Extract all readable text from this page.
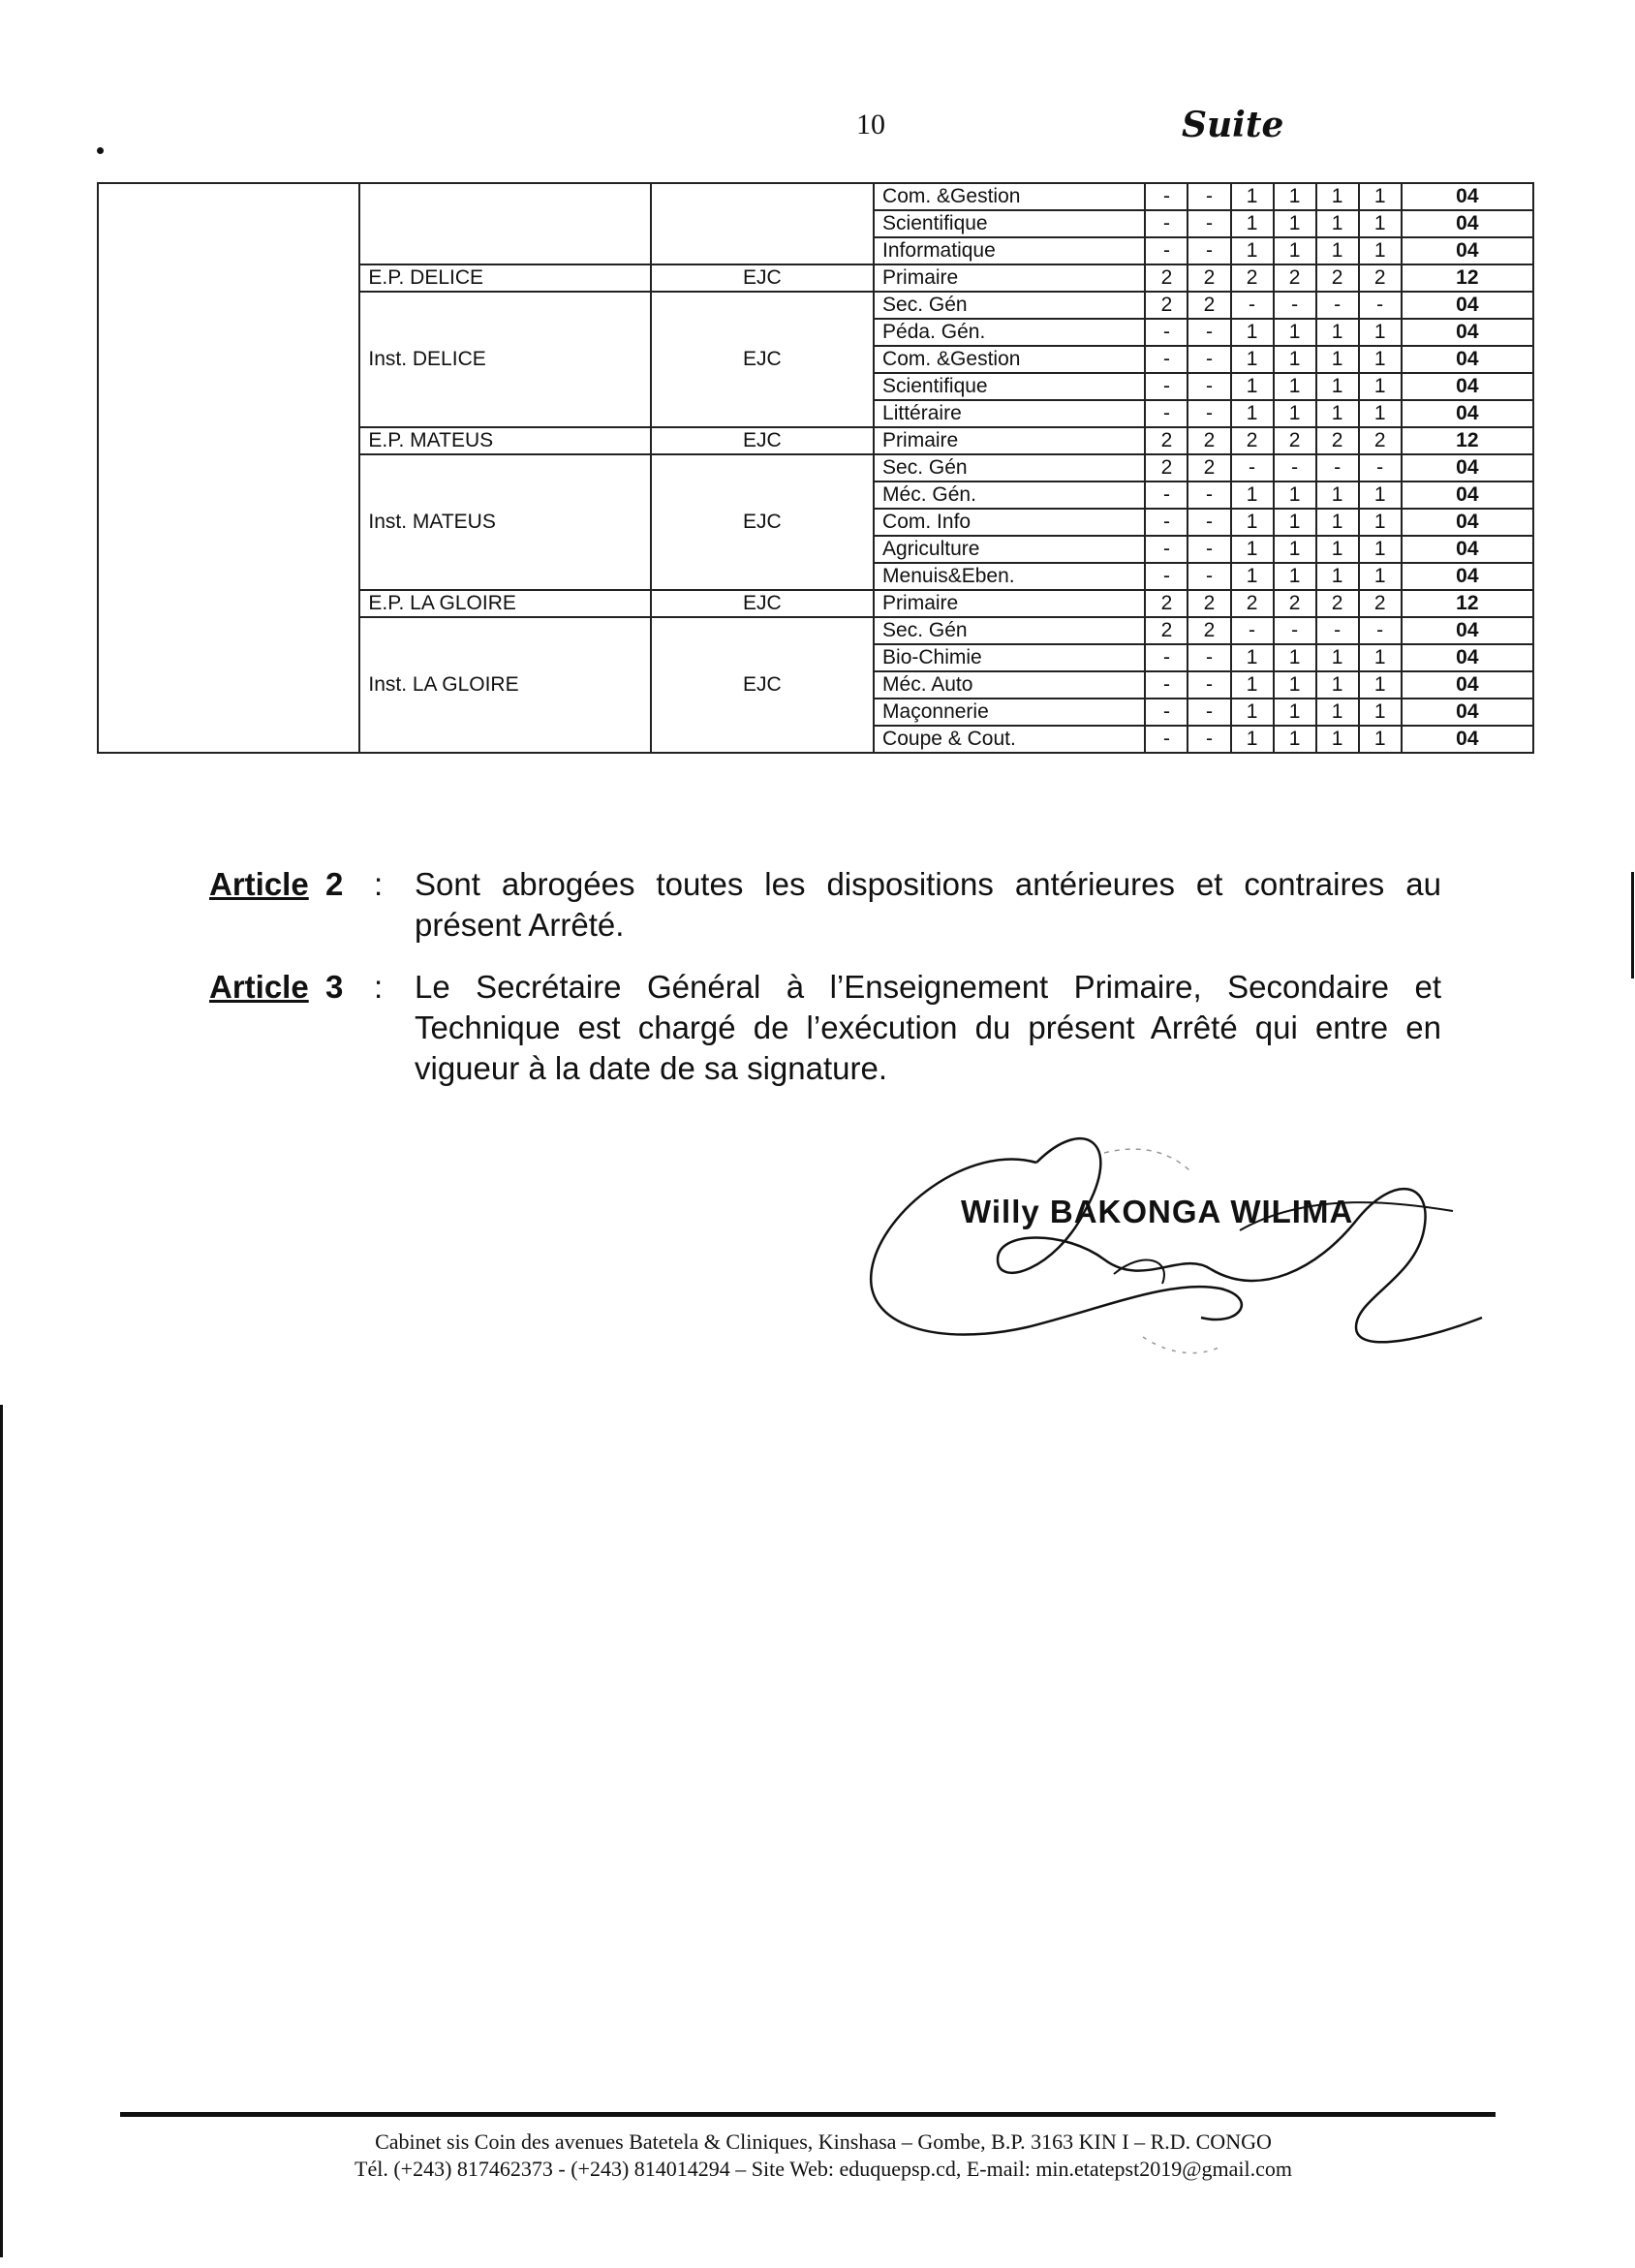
10	Suite
			Com. &Gestion	-	-	1	1	1	1	04
			Scientifique	-	-	1	1	1	1	04
			Informatique	-	-	1	1	1	1	04
	E.P. DELICE	EJC	Primaire	2	2	2	2	2	2	12
			Sec. Gén	2	2	-	-	-	-	04
			Péda. Gén.	-	-	1	1	1	1	04
	Inst. DELICE	EJC	Com. &Gestion	-	-	1	1	1	1	04
			Scientifique	-	-	1	1	1	1	04
			Littéraire	-	-	1	1	1	1	04
	E.P. MATEUS	EJC	Primaire	2	2	2	2	2	2	12
			Sec. Gén	2	2	-	-	-	-	04
			Méc. Gén.	-	-	1	1	1	1	04
	Inst. MATEUS	EJC	Com. Info	-	-	1	1	1	1	04
			Agriculture	-	-	1	1	1	1	04
			Menuis&Eben.	-	-	1	1	1	1	04
	E.P. LA GLOIRE	EJC	Primaire	2	2	2	2	2	2	12
			Sec. Gén	2	2	-	-	-	-	04
			Bio-Chimie	-	-	1	1	1	1	04
	Inst. LA GLOIRE	EJC	Méc. Auto	-	-	1	1	1	1	04
			Maçonnerie	-	-	1	1	1	1	04
			Coupe & Cout.	-	-	1	1	1	1	04
Article 2 : Sont abrogées toutes les dispositions antérieures et contraires au présent Arrêté.
Article 3 : Le Secrétaire Général à l’Enseignement Primaire, Secondaire et Technique est chargé de l’exécution du présent Arrêté qui entre en vigueur à la date de sa signature.
Willy BAKONGA WILIMA
Cabinet sis Coin des avenues Batetela & Cliniques, Kinshasa – Gombe, B.P. 3163 KIN I – R.D. CONGO
Tél. (+243) 817462373 - (+243) 814014294 – Site Web: eduquepsp.cd, E-mail: min.etatepst2019@gmail.com
